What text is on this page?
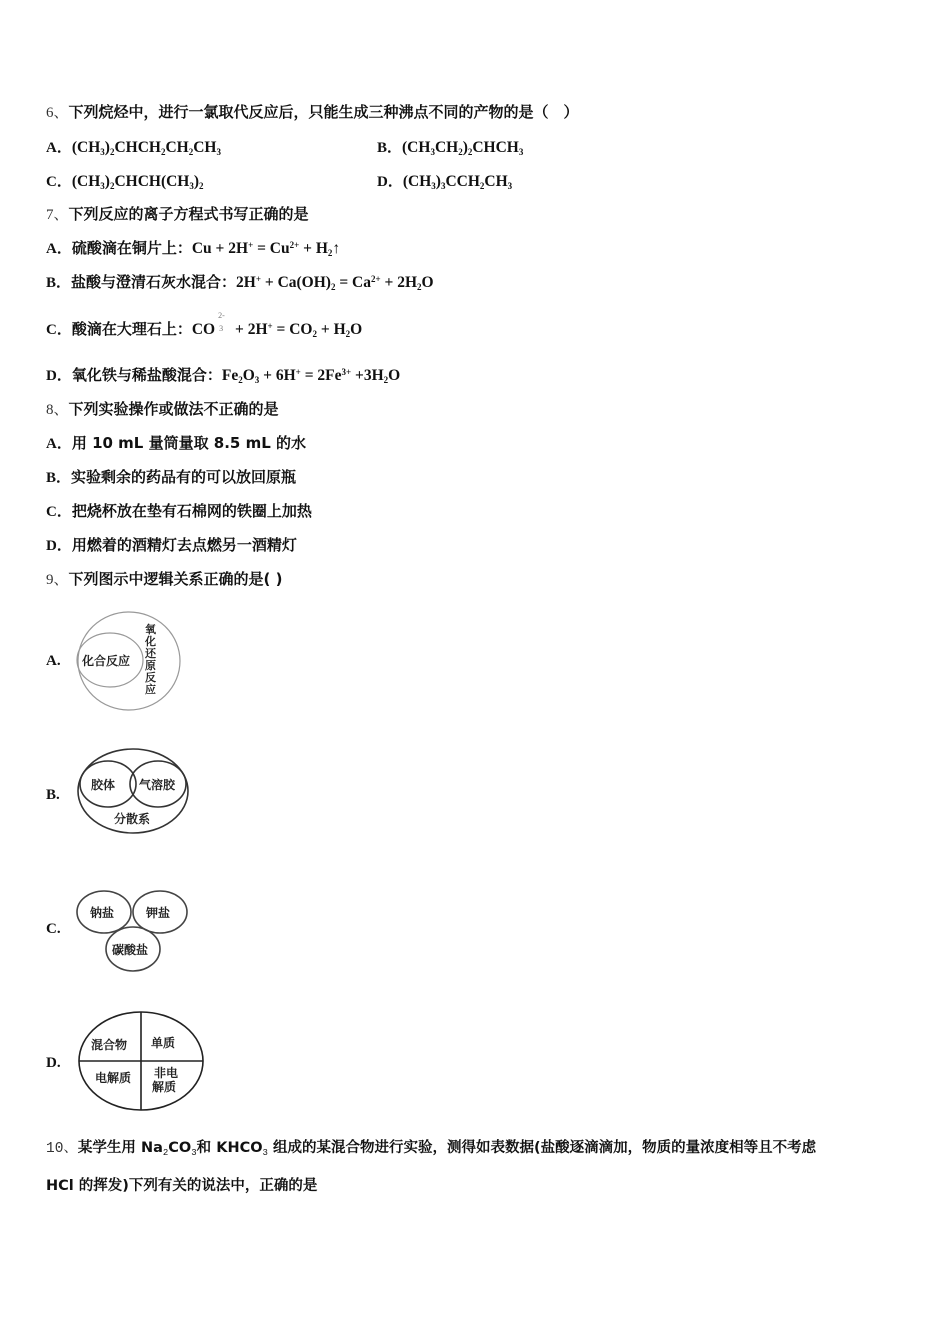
6、下列烷烃中，进行一氯取代反应后，只能生成三种沸点不同的产物的是（　）
A．$(CH_3)_2CHCH_2CH_2CH_3$	B．$(CH_3CH_2)_2CHCH_3$
C．$(CH_3)_2CHCH(CH_3)_2$	D．$(CH_3)_3CCH_2CH_3$
7、下列反应的离子方程式书写正确的是
A．硫酸滴在铜片上：$Cu + 2H^+ = Cu^{2+}$ + $H_2↑$
B．盐酸与澄清石灰水混合：$2H^+ + Ca(OH)_2 = Ca^{2+} + 2H_2O$
C．酸滴在大理石上：CO
2-
$3 + 2H^+ = CO_2 + H_2O$
D．氧化铁与稀盐酸混合：$Fe_2O_3 + 6H^+ = 2Fe^{3+} +3H_2O$
8、下列实验操作或做法不正确的是
A．用 10 mL 量筒量取 8.5 mL 的水
B．实验剩余的药品有的可以放回原瓶
C．把烧杯放在垫有石棉网的铁圈上加热
D．用燃着的酒精灯去点燃另一酒精灯
9、下列图示中逻辑关系正确的是( )
A. 化合反应
氧化还原反应
B.
胶体 气溶胶
分散系
C.
钠盐	钾盐
碳酸盐
D.
混合物 单质
电解质 非电
解质
10、某学生用 $Na_2CO_3$和 $KHCO_3$ 组成的某混合物进行实验，测得如表数据(盐酸逐滴滴加，物质的量浓度相等且不考虑
HCl 的挥发)下列有关的说法中，正确的是
